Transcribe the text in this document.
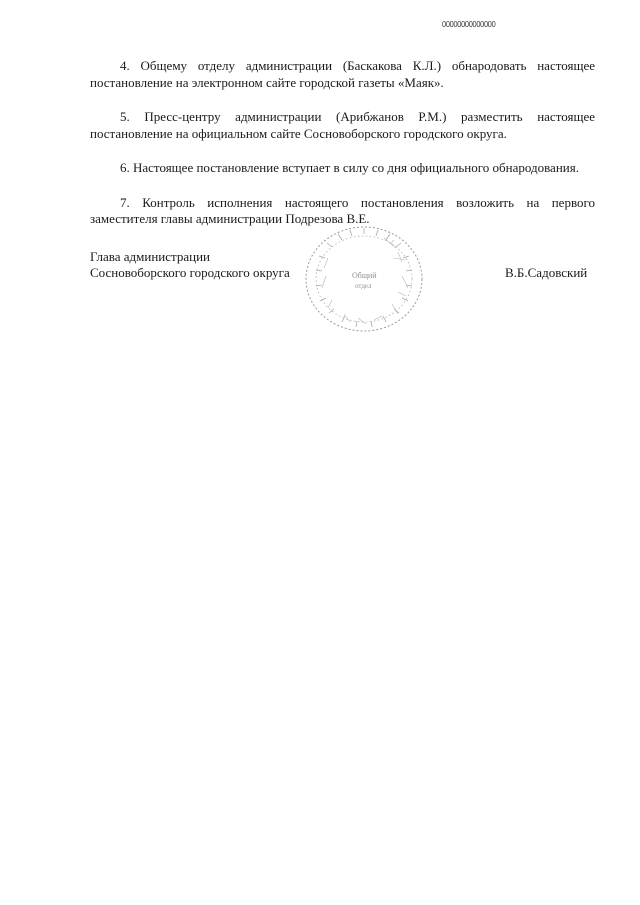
00000000000000

4. Общему отделу администрации (Баскакова К.Л.) обнародовать настоящее постановление на электронном сайте городской газеты «Маяк».

5. Пресс-центру администрации (Арибжанов Р.М.) разместить настоящее постановление на официальном сайте Сосновоборского городского округа.

6. Настоящее постановление вступает в силу со дня официального обнародования.

7. Контроль исполнения настоящего постановления возложить на первого заместителя главы администрации Подрезова В.Е.

Глава администрации
Сосновоборского городского округа	В.Б.Садовский
Общий
отдел
